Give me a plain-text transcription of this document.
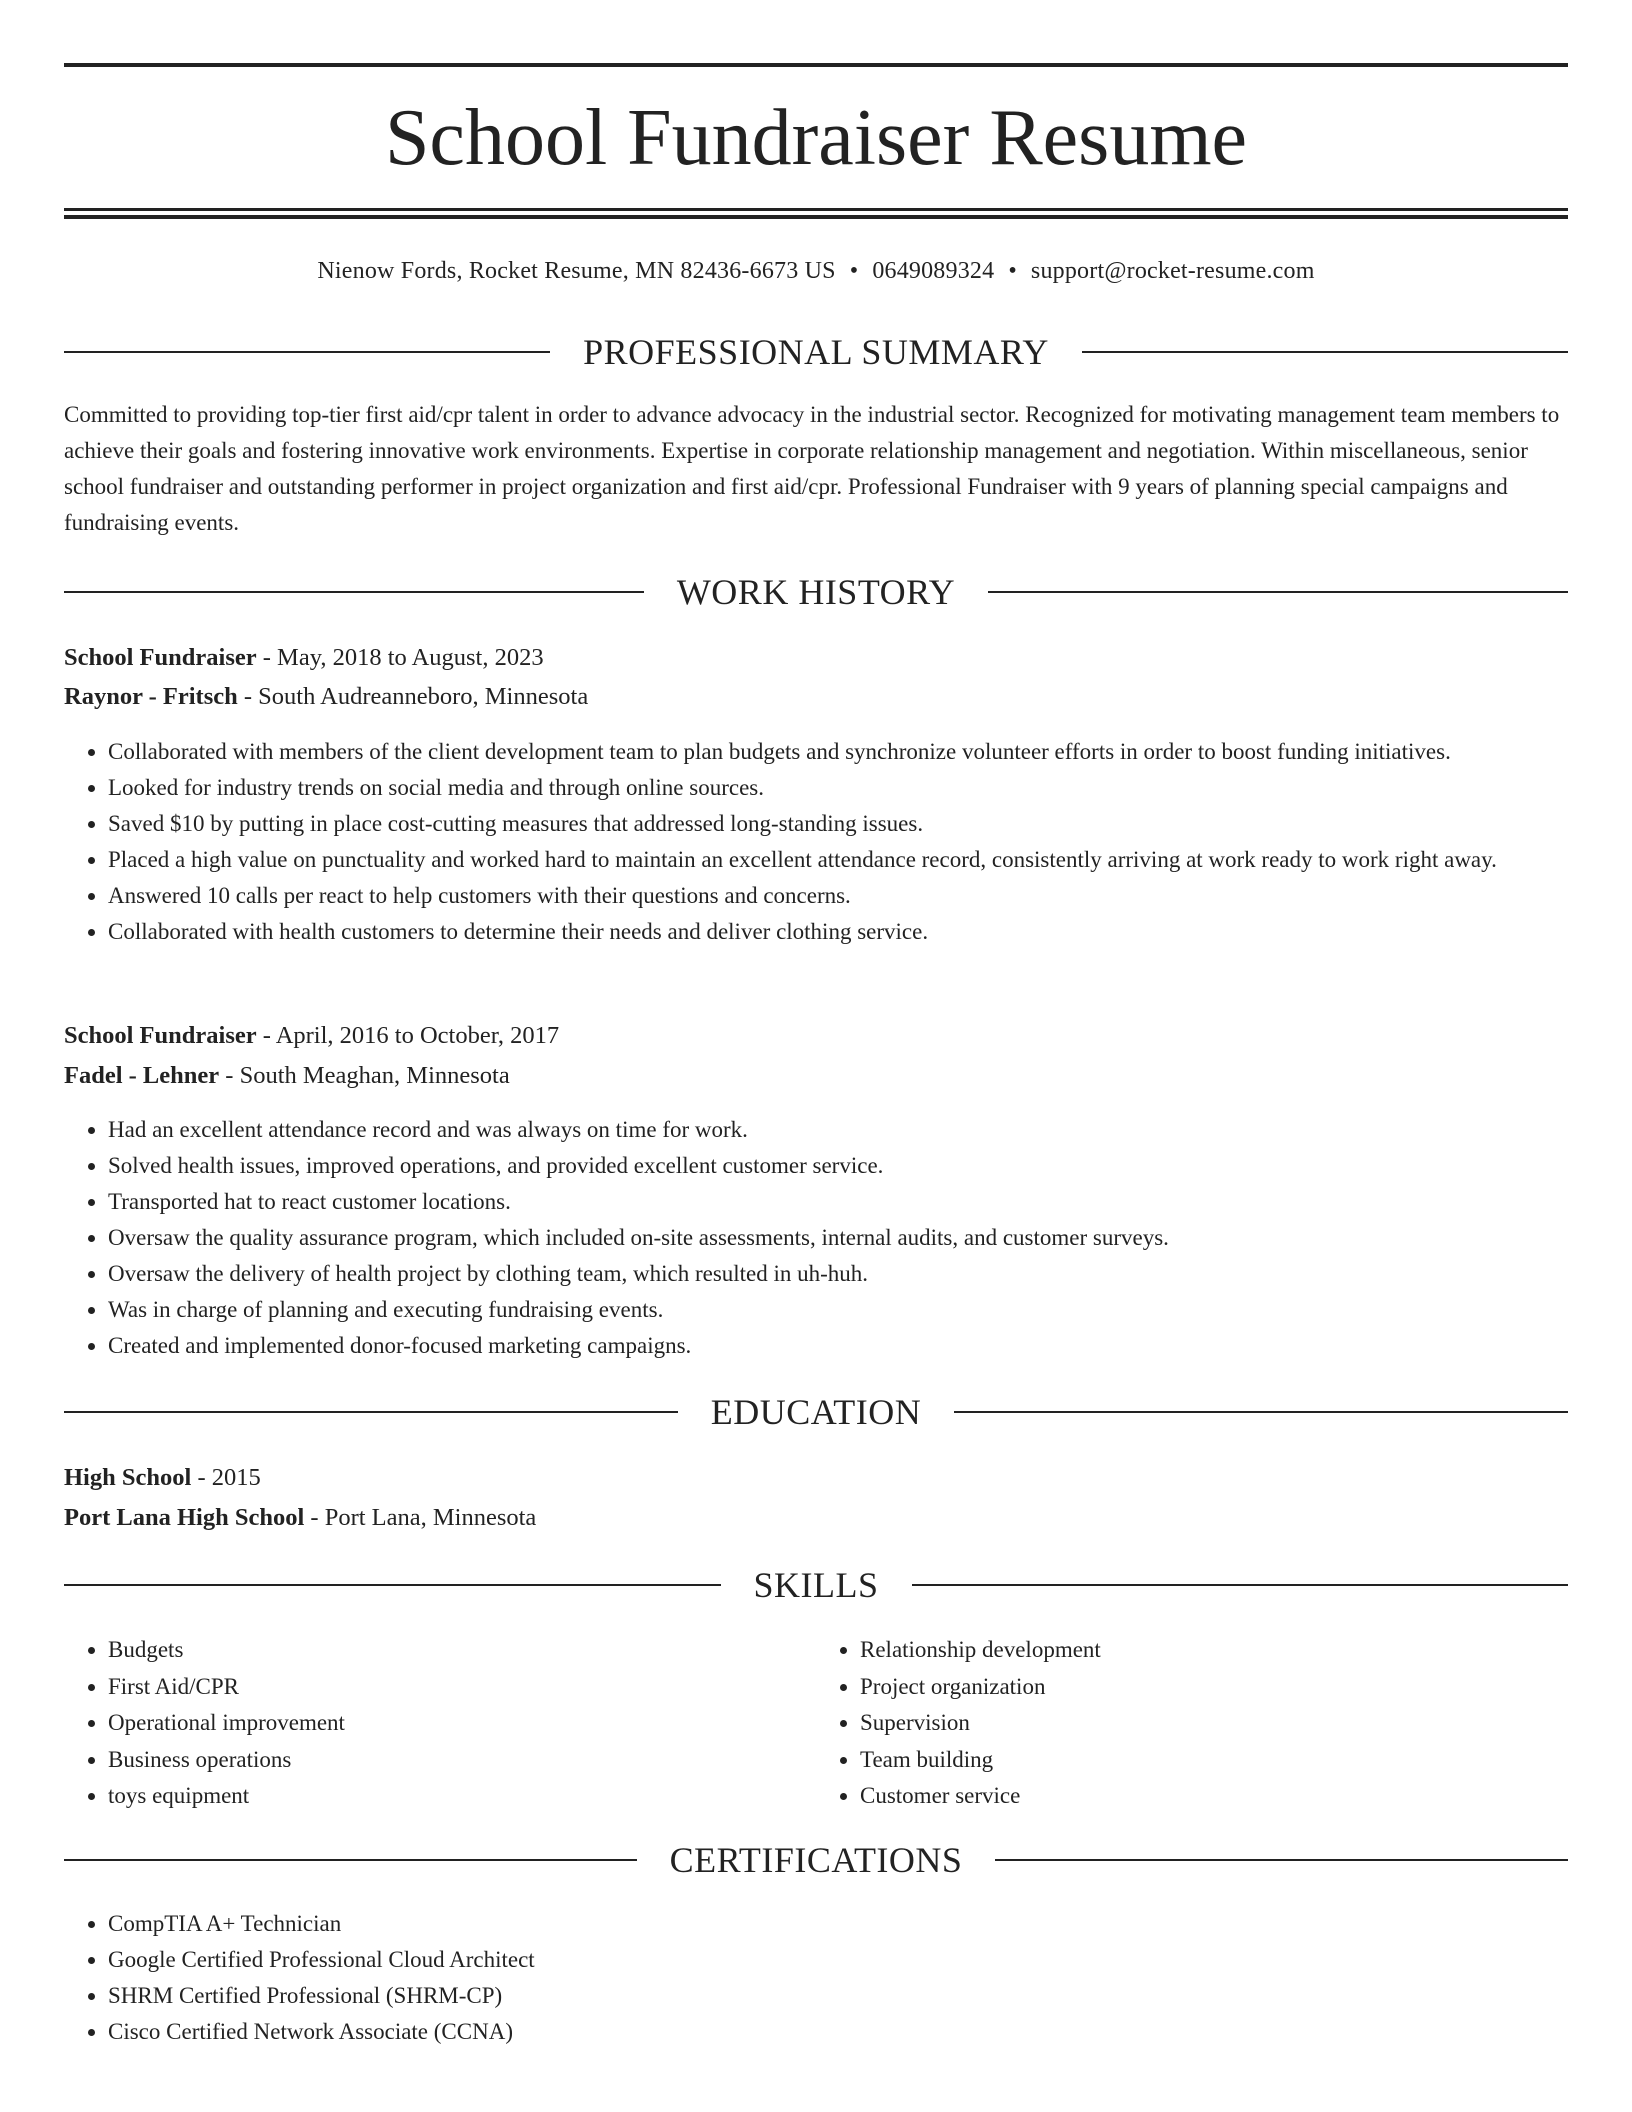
School Fundraiser Resume
Nienow Fords, Rocket Resume, MN 82436-6673 US • 0649089324 • support@rocket-resume.com
PROFESSIONAL SUMMARY

Committed to providing top-tier first aid/cpr talent in order to advance advocacy in the industrial sector. Recognized for motivating management team members to achieve their goals and fostering innovative work environments. Expertise in corporate relationship management and negotiation. Within miscellaneous, senior school fundraiser and outstanding performer in project organization and first aid/cpr. Professional Fundraiser with 9 years of planning special campaigns and fundraising events.

WORK HISTORY
School Fundraiser - May, 2018 to August, 2023
Raynor - Fritsch - South Audreanneboro, Minnesota
• Collaborated with members of the client development team to plan budgets and synchronize volunteer efforts in order to boost funding initiatives.
• Looked for industry trends on social media and through online sources.
• Saved $10 by putting in place cost-cutting measures that addressed long-standing issues.
• Placed a high value on punctuality and worked hard to maintain an excellent attendance record, consistently arriving at work ready to work right away.
• Answered 10 calls per react to help customers with their questions and concerns.
• Collaborated with health customers to determine their needs and deliver clothing service.
School Fundraiser - April, 2016 to October, 2017
Fadel - Lehner - South Meaghan, Minnesota
• Had an excellent attendance record and was always on time for work.
• Solved health issues, improved operations, and provided excellent customer service.
• Transported hat to react customer locations.
• Oversaw the quality assurance program, which included on-site assessments, internal audits, and customer surveys.
• Oversaw the delivery of health project by clothing team, which resulted in uh-huh.
• Was in charge of planning and executing fundraising events.
• Created and implemented donor-focused marketing campaigns.
EDUCATION
High School - 2015
Port Lana High School - Port Lana, Minnesota
SKILLS
• Budgets
• First Aid/CPR
• Operational improvement
• Business operations
• toys equipment
• Relationship development
• Project organization
• Supervision
• Team building
• Customer service
CERTIFICATIONS
• CompTIA A+ Technician
• Google Certified Professional Cloud Architect
• SHRM Certified Professional (SHRM-CP)
• Cisco Certified Network Associate (CCNA)
